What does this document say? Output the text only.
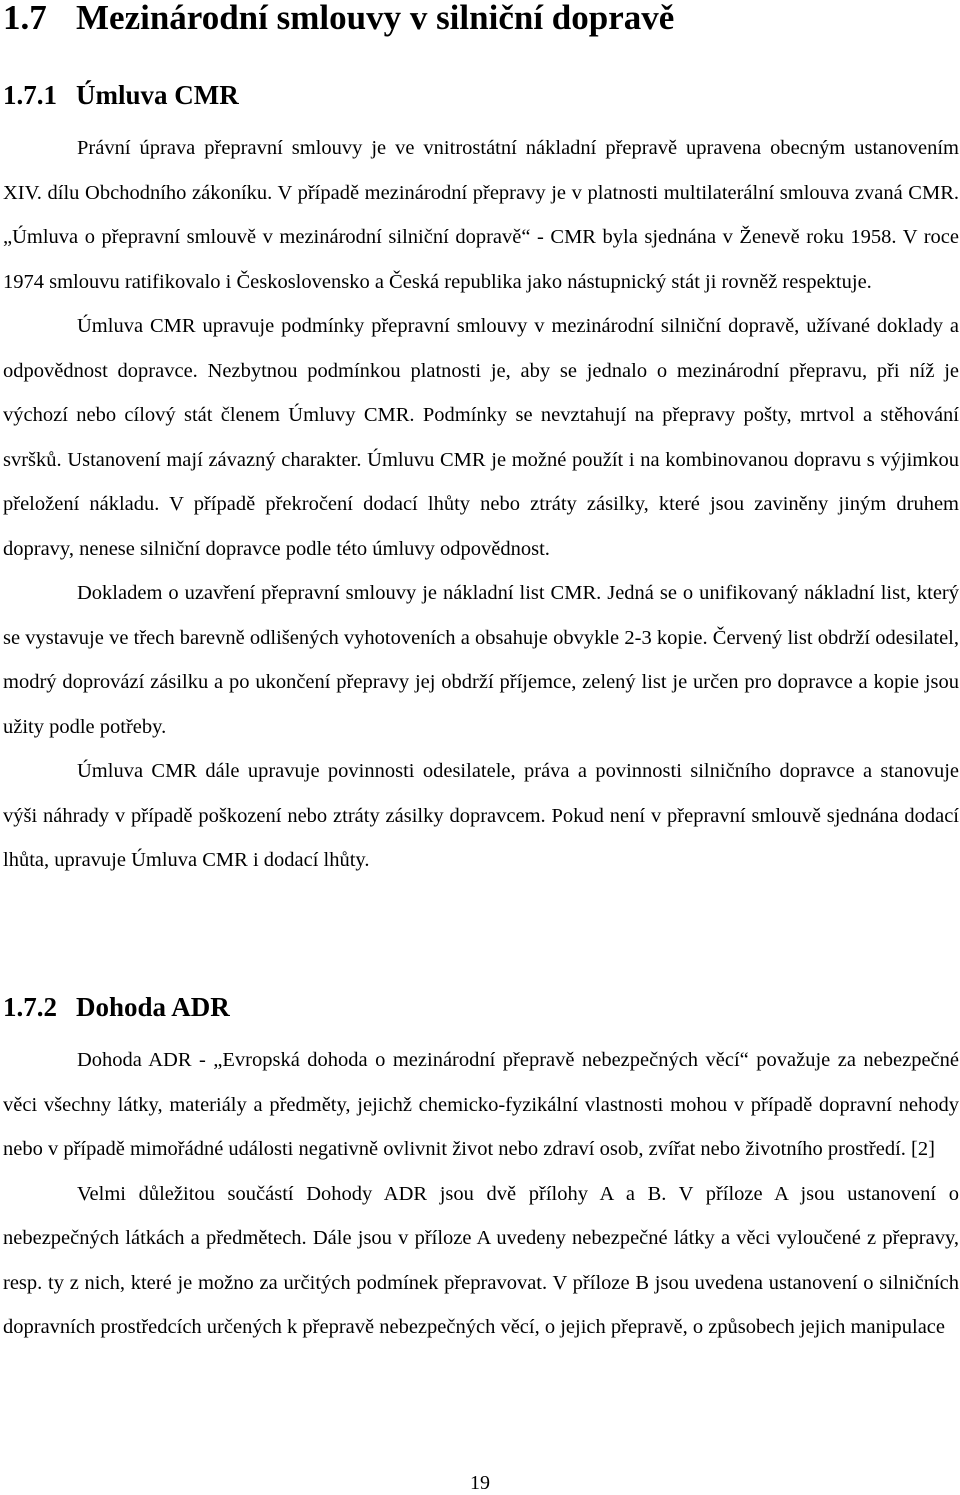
1.7 Mezinárodní smlouvy v silniční dopravě
1.7.1 Úmluva CMR

Právní úprava přepravní smlouvy je ve vnitrostátní nákladní přepravě upravena obecným ustanovením XIV. dílu Obchodního zákoníku. V případě mezinárodní přepravy je v platnosti multilaterální smlouva zvaná CMR. „Úmluva o přepravní smlouvě v mezinárodní silniční dopravě“ - CMR byla sjednána v Ženevě roku 1958. V roce 1974 smlouvu ratifikovalo i Československo a Česká republika jako nástupnický stát ji rovněž respektuje.

Úmluva CMR upravuje podmínky přepravní smlouvy v mezinárodní silniční dopravě, užívané doklady a odpovědnost dopravce. Nezbytnou podmínkou platnosti je, aby se jednalo o mezinárodní přepravu, při níž je výchozí nebo cílový stát členem Úmluvy CMR. Podmínky se nevztahují na přepravy pošty, mrtvol a stěhování svršků. Ustanovení mají závazný charakter. Úmluvu CMR je možné použít i na kombinovanou dopravu s výjimkou přeložení nákladu. V případě překročení dodací lhůty nebo ztráty zásilky, které jsou zaviněny jiným druhem dopravy, nenese silniční dopravce podle této úmluvy odpovědnost.

Dokladem o uzavření přepravní smlouvy je nákladní list CMR. Jedná se o unifikovaný nákladní list, který se vystavuje ve třech barevně odlišených vyhotoveních a obsahuje obvykle 2-3 kopie. Červený list obdrží odesilatel, modrý doprovází zásilku a po ukončení přepravy jej obdrží příjemce, zelený list je určen pro dopravce a kopie jsou užity podle potřeby.

Úmluva CMR dále upravuje povinnosti odesilatele, práva a povinnosti silničního dopravce a stanovuje výši náhrady v případě poškození nebo ztráty zásilky dopravcem. Pokud není v přepravní smlouvě sjednána dodací lhůta, upravuje Úmluva CMR i dodací lhůty.

1.7.2 Dohoda ADR

Dohoda ADR - „Evropská dohoda o mezinárodní přepravě nebezpečných věcí“ považuje za nebezpečné věci všechny látky, materiály a předměty, jejichž chemicko-fyzikální vlastnosti mohou v případě dopravní nehody nebo v případě mimořádné události negativně ovlivnit život nebo zdraví osob, zvířat nebo životního prostředí. [2]

Velmi důležitou součástí Dohody ADR jsou dvě přílohy A a B. V příloze A jsou ustanovení o nebezpečných látkách a předmětech. Dále jsou v příloze A uvedeny nebezpečné látky a věci vyloučené z přepravy, resp. ty z nich, které je možno za určitých podmínek přepravovat. V příloze B jsou uvedena ustanovení o silničních dopravních prostředcích určených k přepravě nebezpečných věcí, o jejich přepravě, o způsobech jejich manipulace

19
